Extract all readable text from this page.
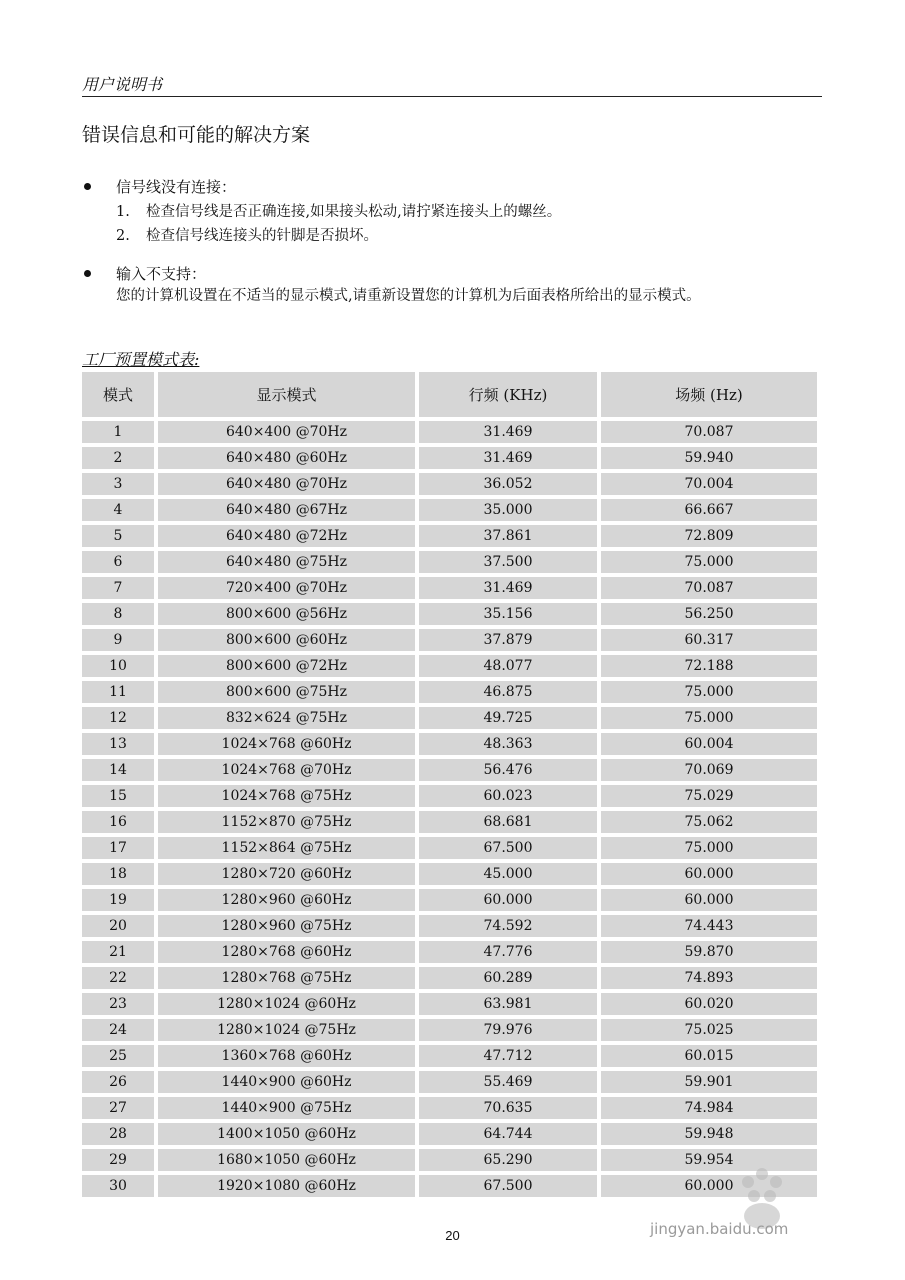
用户说明书
错误信息和可能的解决方案
信号线没有连接：
1. 检查信号线是否正确连接,如果接头松动,请拧紧连接头上的螺丝。
2. 检查信号线连接头的针脚是否损坏。
输入不支持：
您的计算机设置在不适当的显示模式,请重新设置您的计算机为后面表格所给出的显示模式。
工厂预置模式表:
模式	显示模式	行频 (KHz)	场频 (Hz)
1	640×400 @70Hz	31.469	70.087
2	640×480 @60Hz	31.469	59.940
3	640×480 @70Hz	36.052	70.004
4	640×480 @67Hz	35.000	66.667
5	640×480 @72Hz	37.861	72.809
6	640×480 @75Hz	37.500	75.000
7	720×400 @70Hz	31.469	70.087
8	800×600 @56Hz	35.156	56.250
9	800×600 @60Hz	37.879	60.317
10	800×600 @72Hz	48.077	72.188
11	800×600 @75Hz	46.875	75.000
12	832×624 @75Hz	49.725	75.000
13	1024×768 @60Hz	48.363	60.004
14	1024×768 @70Hz	56.476	70.069
15	1024×768 @75Hz	60.023	75.029
16	1152×870 @75Hz	68.681	75.062
17	1152×864 @75Hz	67.500	75.000
18	1280×720 @60Hz	45.000	60.000
19	1280×960 @60Hz	60.000	60.000
20	1280×960 @75Hz	74.592	74.443
21	1280×768 @60Hz	47.776	59.870
22	1280×768 @75Hz	60.289	74.893
23	1280×1024 @60Hz	63.981	60.020
24	1280×1024 @75Hz	79.976	75.025
25	1360×768 @60Hz	47.712	60.015
26	1440×900 @60Hz	55.469	59.901
27	1440×900 @75Hz	70.635	74.984
28	1400×1050 @60Hz	64.744	59.948
29	1680×1050 @60Hz	65.290	59.954
30	1920×1080 @60Hz	67.500	60.000
20	jingyan.baidu.com
